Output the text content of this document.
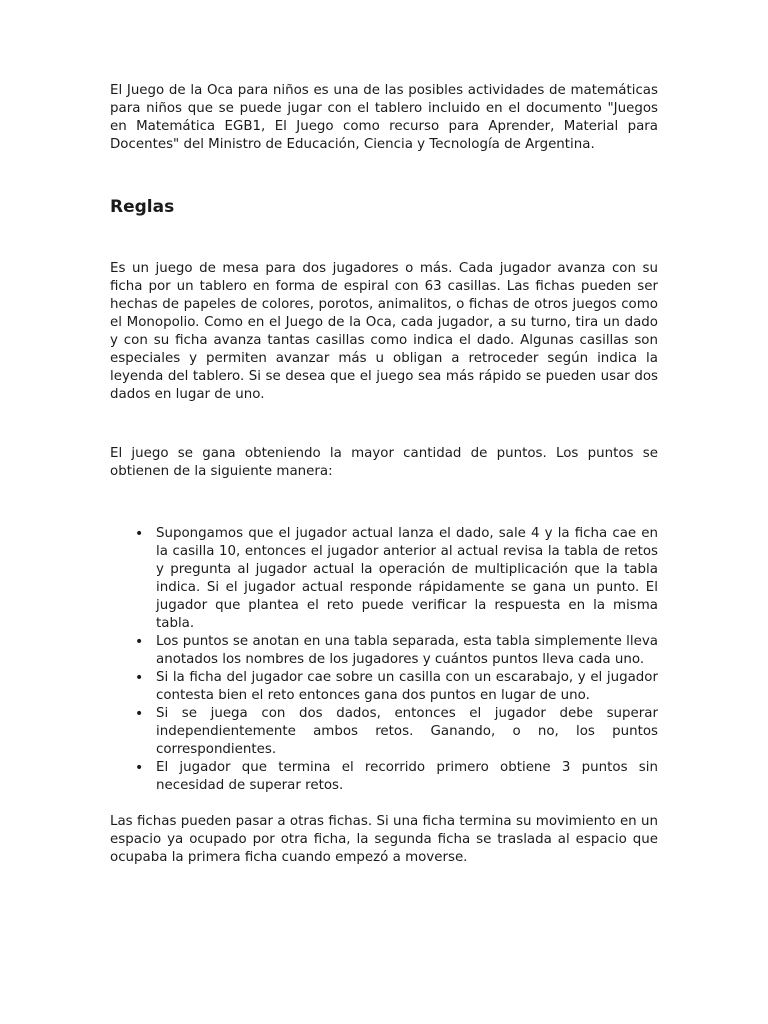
El Juego de la Oca para niños es una de las posibles actividades de matemáticas para niños que se puede jugar con el tablero incluido en el documento "Juegos en Matemática EGB1, El Juego como recurso para Aprender, Material para Docentes" del Ministro de Educación, Ciencia y Tecnología de Argentina.

Reglas

Es un juego de mesa para dos jugadores o más. Cada jugador avanza con su ficha por un tablero en forma de espiral con 63 casillas. Las fichas pueden ser hechas de papeles de colores, porotos, animalitos, o fichas de otros juegos como el Monopolio. Como en el Juego de la Oca, cada jugador, a su turno, tira un dado y con su ficha avanza tantas casillas como indica el dado. Algunas casillas son especiales y permiten avanzar más u obligan a retroceder según indica la leyenda del tablero. Si se desea que el juego sea más rápido se pueden usar dos dados en lugar de uno.

El juego se gana obteniendo la mayor cantidad de puntos. Los puntos se obtienen de la siguiente manera:

• Supongamos que el jugador actual lanza el dado, sale 4 y la ficha cae en la casilla 10, entonces el jugador anterior al actual revisa la tabla de retos y pregunta al jugador actual la operación de multiplicación que la tabla indica. Si el jugador actual responde rápidamente se gana un punto. El jugador que plantea el reto puede verificar la respuesta en la misma tabla.
• Los puntos se anotan en una tabla separada, esta tabla simplemente lleva anotados los nombres de los jugadores y cuántos puntos lleva cada uno.
• Si la ficha del jugador cae sobre un casilla con un escarabajo, y el jugador contesta bien el reto entonces gana dos puntos en lugar de uno.
• Si se juega con dos dados, entonces el jugador debe superar independientemente ambos retos. Ganando, o no, los puntos correspondientes.
• El jugador que termina el recorrido primero obtiene 3 puntos sin necesidad de superar retos.

Las fichas pueden pasar a otras fichas. Si una ficha termina su movimiento en un espacio ya ocupado por otra ficha, la segunda ficha se traslada al espacio que ocupaba la primera ficha cuando empezó a moverse.
